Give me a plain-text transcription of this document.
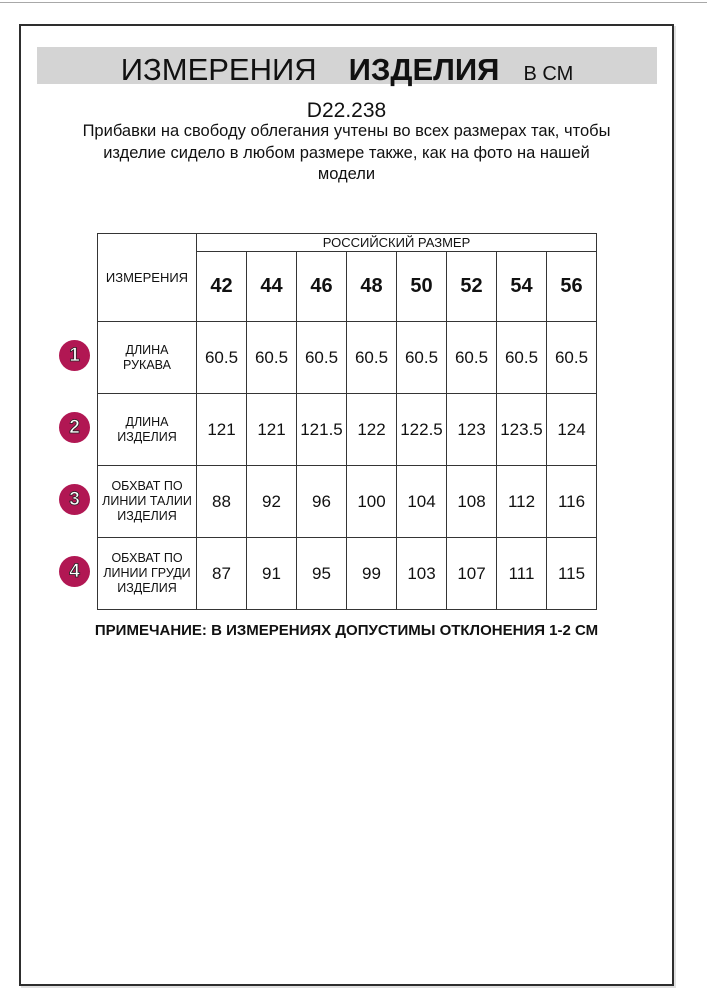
ИЗМЕРЕНИЯ ИЗДЕЛИЯ В СМ
D22.238
Прибавки на свободу облегания учтены во всех размерах так, чтобы
изделие сидело в любом размере также, как на фото на нашей
модели
ИЗМЕРЕНИЯ	РОССИЙСКИЙ РАЗМЕР							
	42	44	46	48	50	52	54	56
ДЛИНА РУКАВА	60.5	60.5	60.5	60.5	60.5	60.5	60.5	60.5
ДЛИНА ИЗДЕЛИЯ	121	121	121.5	122	122.5	123	123.5	124
ОБХВАТ ПО ЛИНИИ ТАЛИИ ИЗДЕЛИЯ	88	92	96	100	104	108	112	116
ОБХВАТ ПО ЛИНИИ ГРУДИ ИЗДЕЛИЯ	87	91	95	99	103	107	111	115
1
2
3
4
ПРИМЕЧАНИЕ: В ИЗМЕРЕНИЯХ ДОПУСТИМЫ ОТКЛОНЕНИЯ 1-2 СМ
